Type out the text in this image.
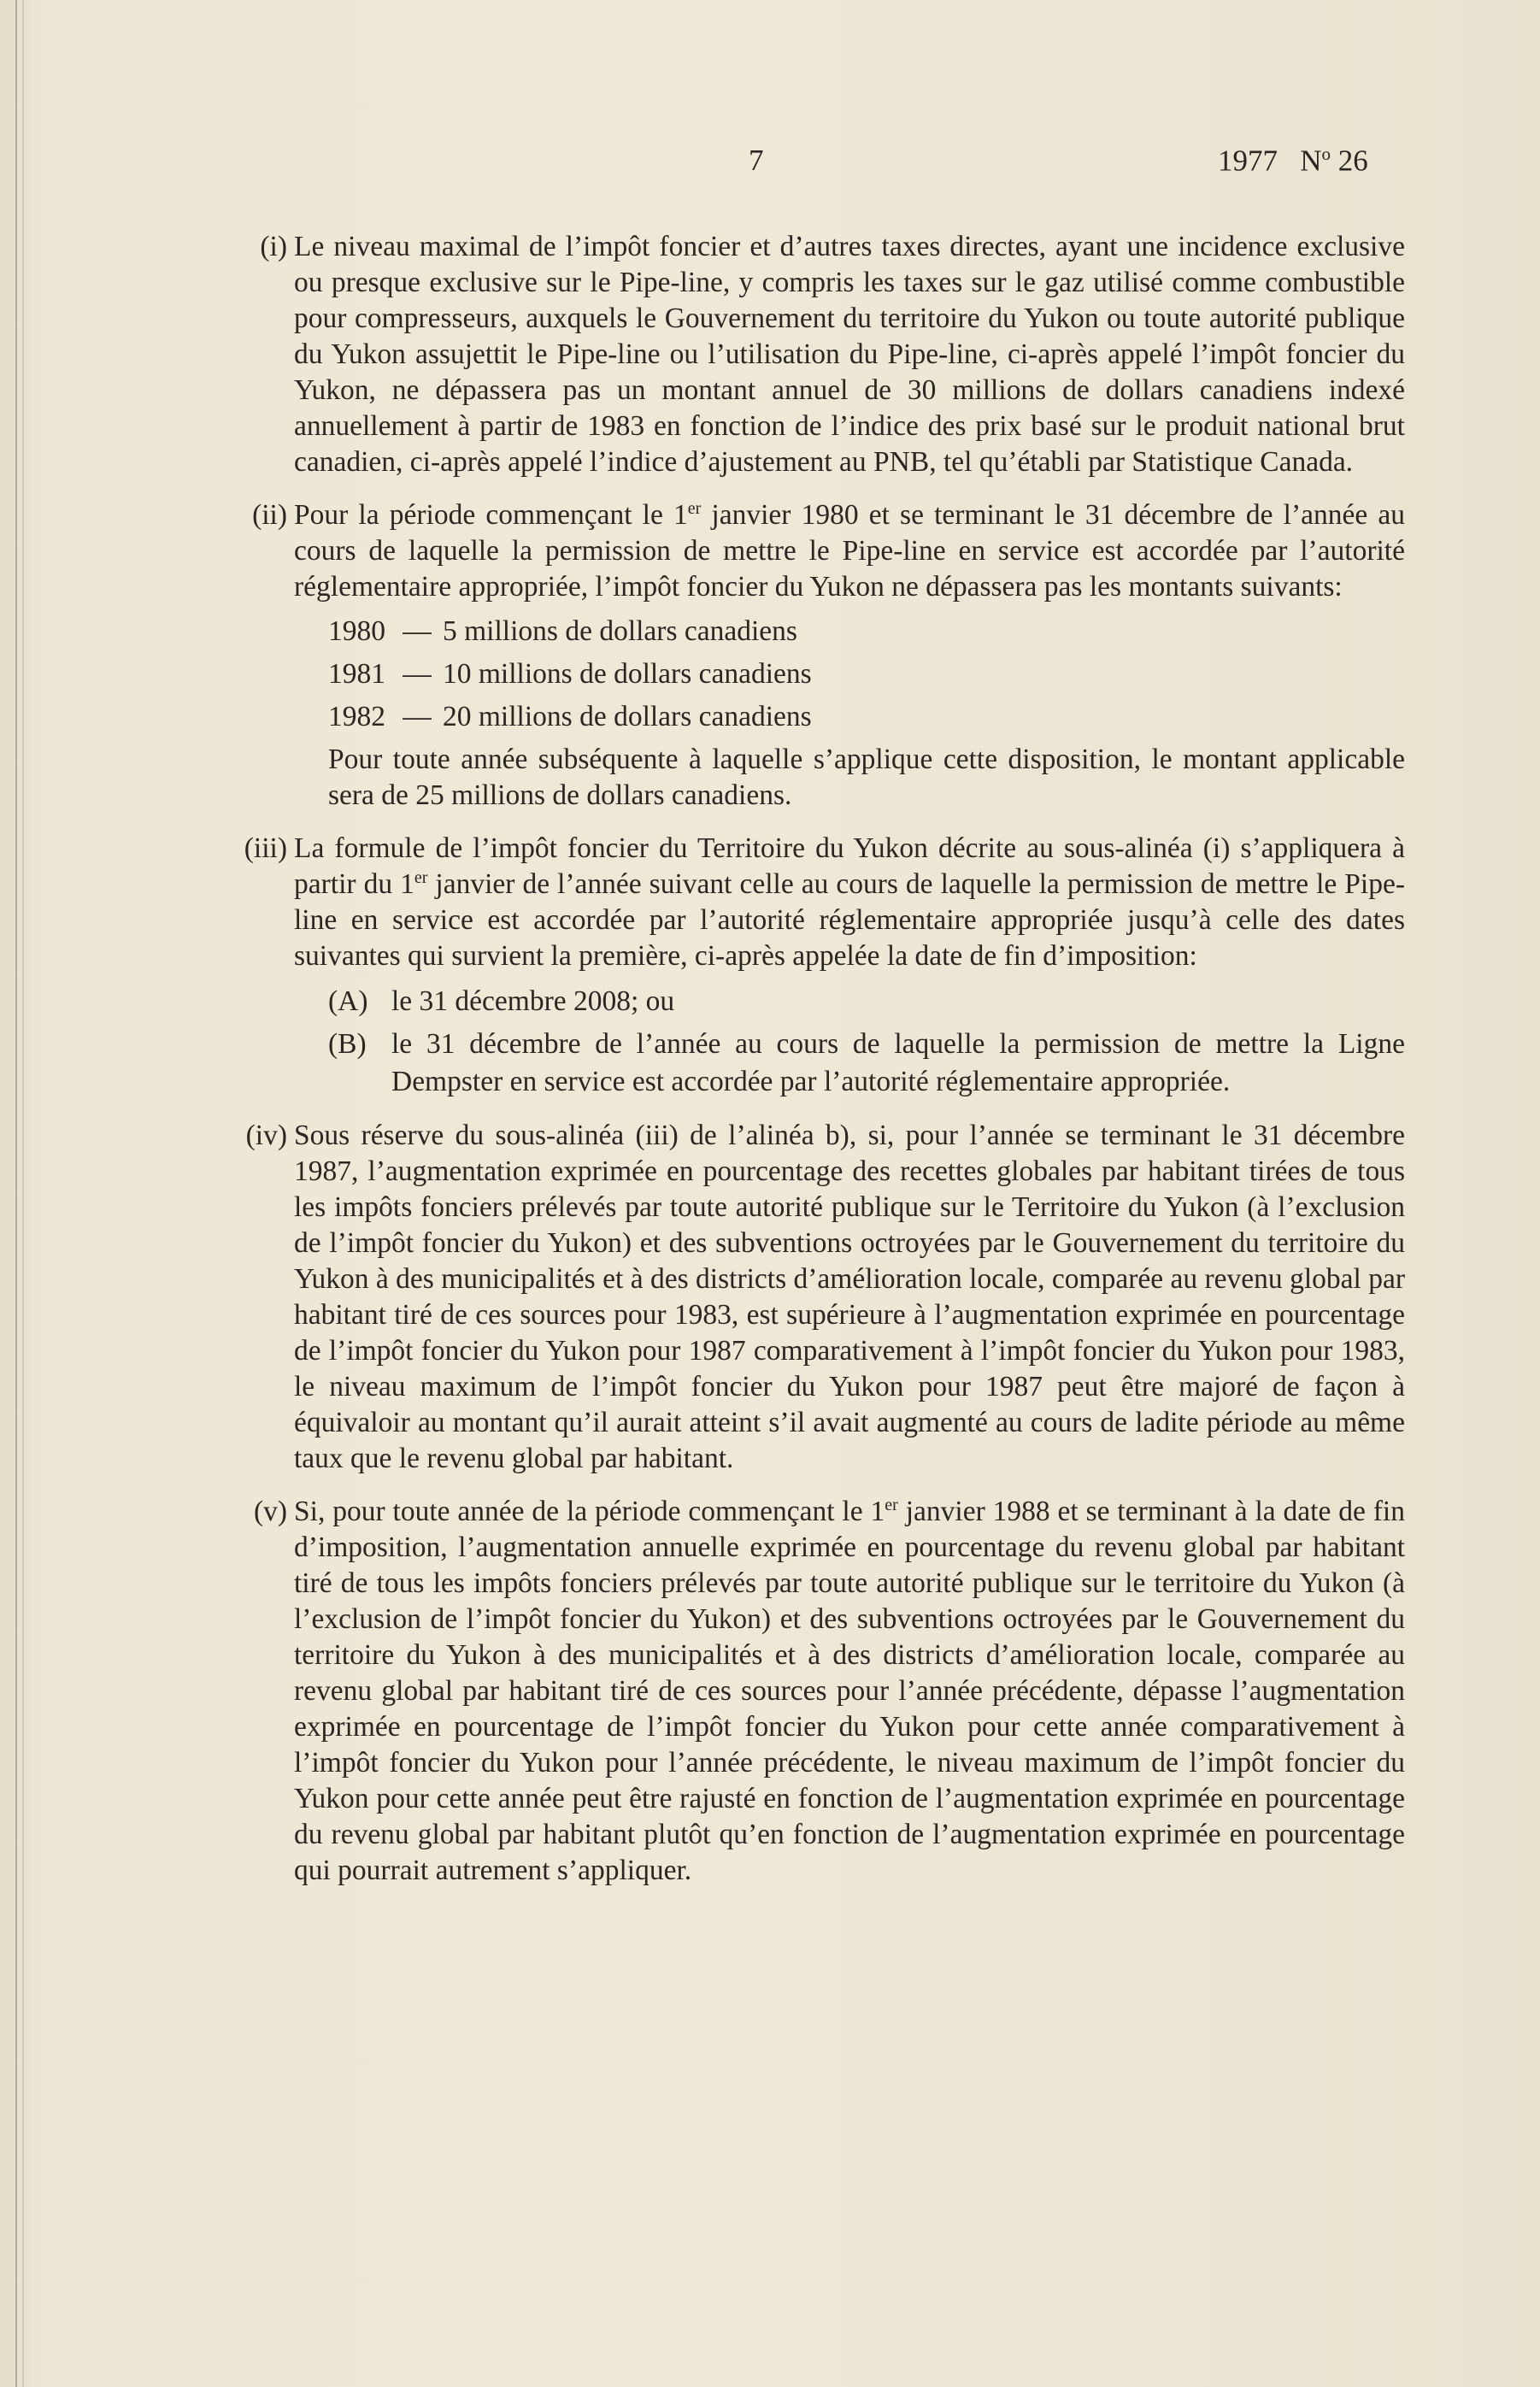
7	1977 $N^o$ 26
(i) Le niveau maximal de l’impôt foncier et d’autres taxes directes, ayant une incidence exclusive ou presque exclusive sur le Pipe-line, y compris les taxes sur le gaz utilisé comme combustible pour compresseurs, auxquels le Gouvernement du territoire du Yukon ou toute autorité publique du Yukon assujettit le Pipe-line ou l’utilisation du Pipe-line, ci-après appelé l’impôt foncier du Yukon, ne dépassera pas un montant annuel de 30 millions de dollars canadiens indexé annuellement à partir de 1983 en fonction de l’indice des prix basé sur le produit national brut canadien, ci-après appelé l’indice d’ajustement au PNB, tel qu’établi par Statistique Canada.
(ii) Pour la période commençant le 1er janvier 1980 et se terminant le 31 décembre de l’année au cours de laquelle la permission de mettre le Pipe-line en service est accordée par l’autorité réglementaire appropriée, l’impôt foncier du Yukon ne dépassera pas les montants suivants:
1980 — 5 millions de dollars canadiens
1981 — 10 millions de dollars canadiens
1982 — 20 millions de dollars canadiens
Pour toute année subséquente à laquelle s’applique cette disposition, le montant applicable sera de 25 millions de dollars canadiens.
(iii) La formule de l’impôt foncier du Territoire du Yukon décrite au sous-alinéa (i) s’appliquera à partir du 1er janvier de l’année suivant celle au cours de laquelle la permission de mettre le Pipe-line en service est accordée par l’autorité réglementaire appropriée jusqu’à celle des dates suivantes qui survient la première, ci-après appelée la date de fin d’imposition:
(A) le 31 décembre 2008; ou
(B) le 31 décembre de l’année au cours de laquelle la permission de mettre la Ligne Dempster en service est accordée par l’autorité réglementaire appropriée.
(iv) Sous réserve du sous-alinéa (iii) de l’alinéa b), si, pour l’année se terminant le 31 décembre 1987, l’augmentation exprimée en pourcentage des recettes globales par habitant tirées de tous les impôts fonciers prélevés par toute autorité publique sur le Territoire du Yukon (à l’exclusion de l’impôt foncier du Yukon) et des subventions octroyées par le Gouvernement du territoire du Yukon à des municipalités et à des districts d’amélioration locale, comparée au revenu global par habitant tiré de ces sources pour 1983, est supérieure à l’augmentation exprimée en pourcentage de l’impôt foncier du Yukon pour 1987 comparativement à l’impôt foncier du Yukon pour 1983, le niveau maximum de l’impôt foncier du Yukon pour 1987 peut être majoré de façon à équivaloir au montant qu’il aurait atteint s’il avait augmenté au cours de ladite période au même taux que le revenu global par habitant.
(v) Si, pour toute année de la période commençant le 1er janvier 1988 et se terminant à la date de fin d’imposition, l’augmentation annuelle exprimée en pourcentage du revenu global par habitant tiré de tous les impôts fonciers prélevés par toute autorité publique sur le territoire du Yukon (à l’exclusion de l’impôt foncier du Yukon) et des subventions octroyées par le Gouvernement du territoire du Yukon à des municipalités et à des districts d’amélioration locale, comparée au revenu global par habitant tiré de ces sources pour l’année précédente, dépasse l’augmentation exprimée en pourcentage de l’impôt foncier du Yukon pour cette année comparativement à l’impôt foncier du Yukon pour l’année précédente, le niveau maximum de l’impôt foncier du Yukon pour cette année peut être rajusté en fonction de l’augmentation exprimée en pourcentage du revenu global par habitant plutôt qu’en fonction de l’augmentation exprimée en pourcentage qui pourrait autrement s’appliquer.
